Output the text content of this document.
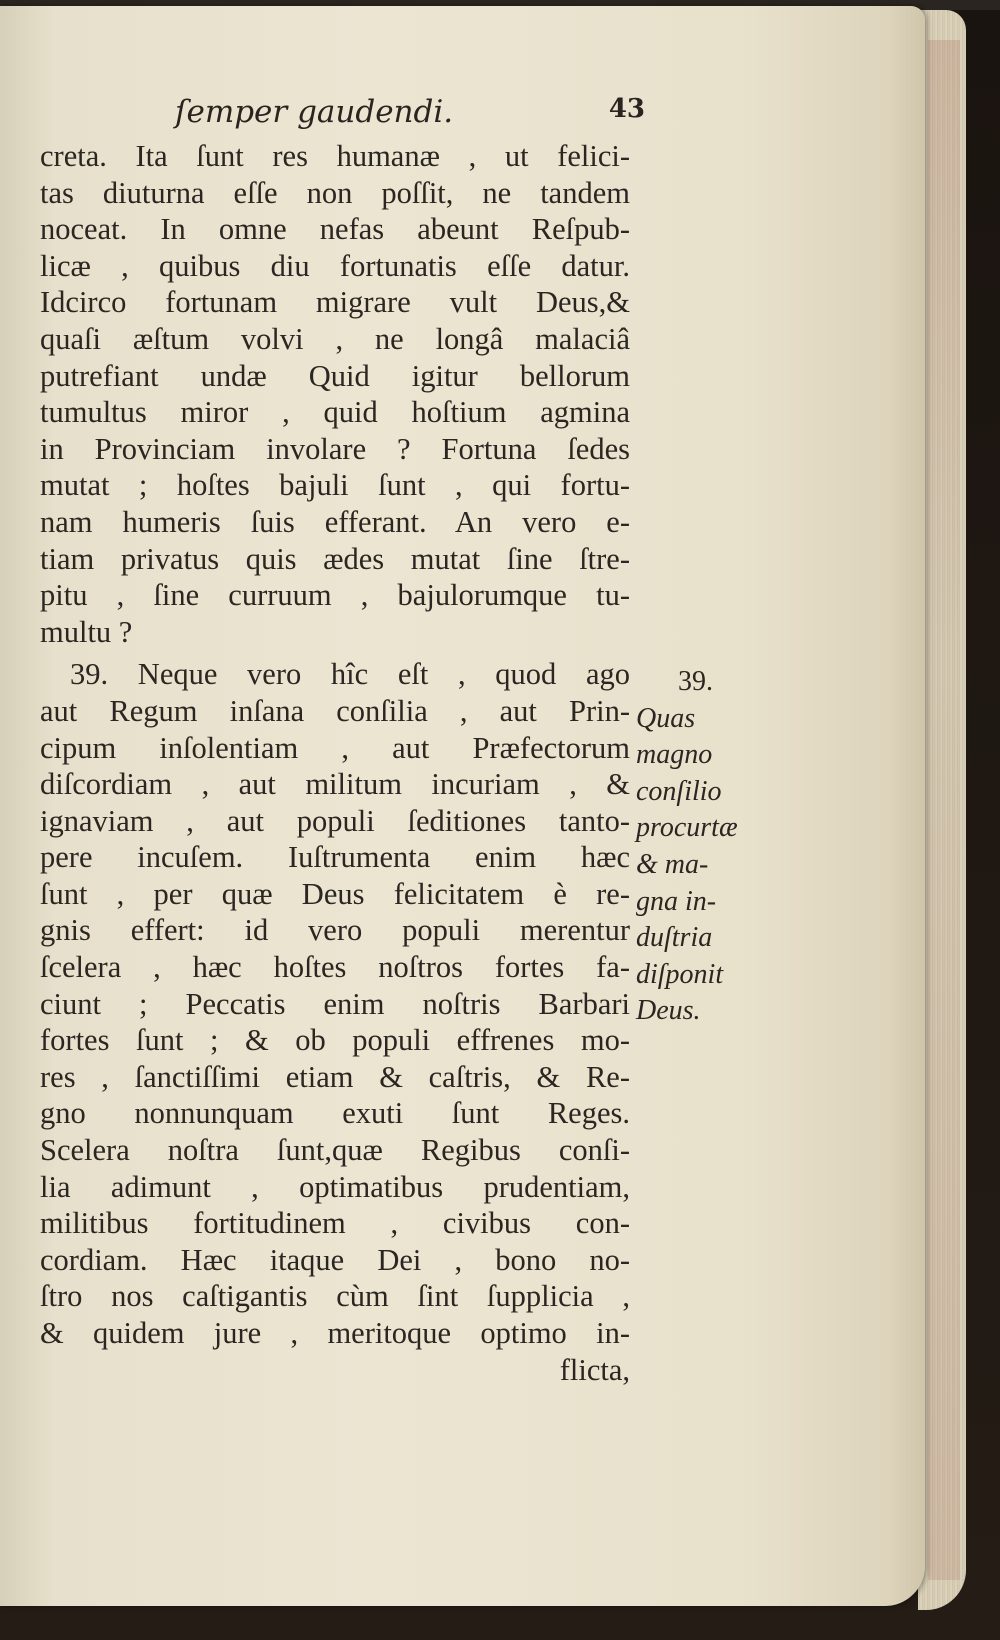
ſemper gaudendi.	43
creta. Ita ſunt res humanæ , ut felici-
tas diuturna eſſe non poſſit, ne tandem
noceat. In omne nefas abeunt Reſpub-
licæ , quibus diu fortunatis eſſe datur.
Idcirco fortunam migrare vult Deus,&
quaſi æſtum volvi , ne longâ malaciâ
putrefiant undæ Quid igitur bellorum
tumultus miror , quid hoſtium agmina
in Provinciam involare ? Fortuna ſedes
mutat ; hoſtes bajuli ſunt , qui fortu-
nam humeris ſuis efferant. An vero e-
tiam privatus quis ædes mutat ſine ſtre-
pitu , ſine curruum , bajulorumque tu-
multu ?
39. Neque vero hîc eſt , quod ago
aut Regum inſana conſilia , aut Prin-
cipum inſolentiam , aut Præfectorum
diſcordiam , aut militum incuriam , &
ignaviam , aut populi ſeditiones tanto-
pere incuſem. Iuſtrumenta enim hæc
ſunt , per quæ Deus felicitatem è re-
gnis effert: id vero populi merentur
ſcelera , hæc hoſtes noſtros fortes fa-
ciunt ; Peccatis enim noſtris Barbari
fortes ſunt ; & ob populi effrenes mo-
res , ſanctiſſimi etiam & caſtris, & Re-
gno nonnunquam exuti ſunt Reges.
Scelera noſtra ſunt,quæ Regibus conſi-
lia adimunt , optimatibus prudentiam,
militibus fortitudinem , civibus con-
cordiam. Hæc itaque Dei , bono no-
ſtro nos caſtigantis cùm ſint ſupplicia ,
& quidem jure , meritoque optimo in-
flicta,
39.
Quas
magno
conſilio
procurtæ
& ma-
gna in-
duſtria
diſponit
Deus.
